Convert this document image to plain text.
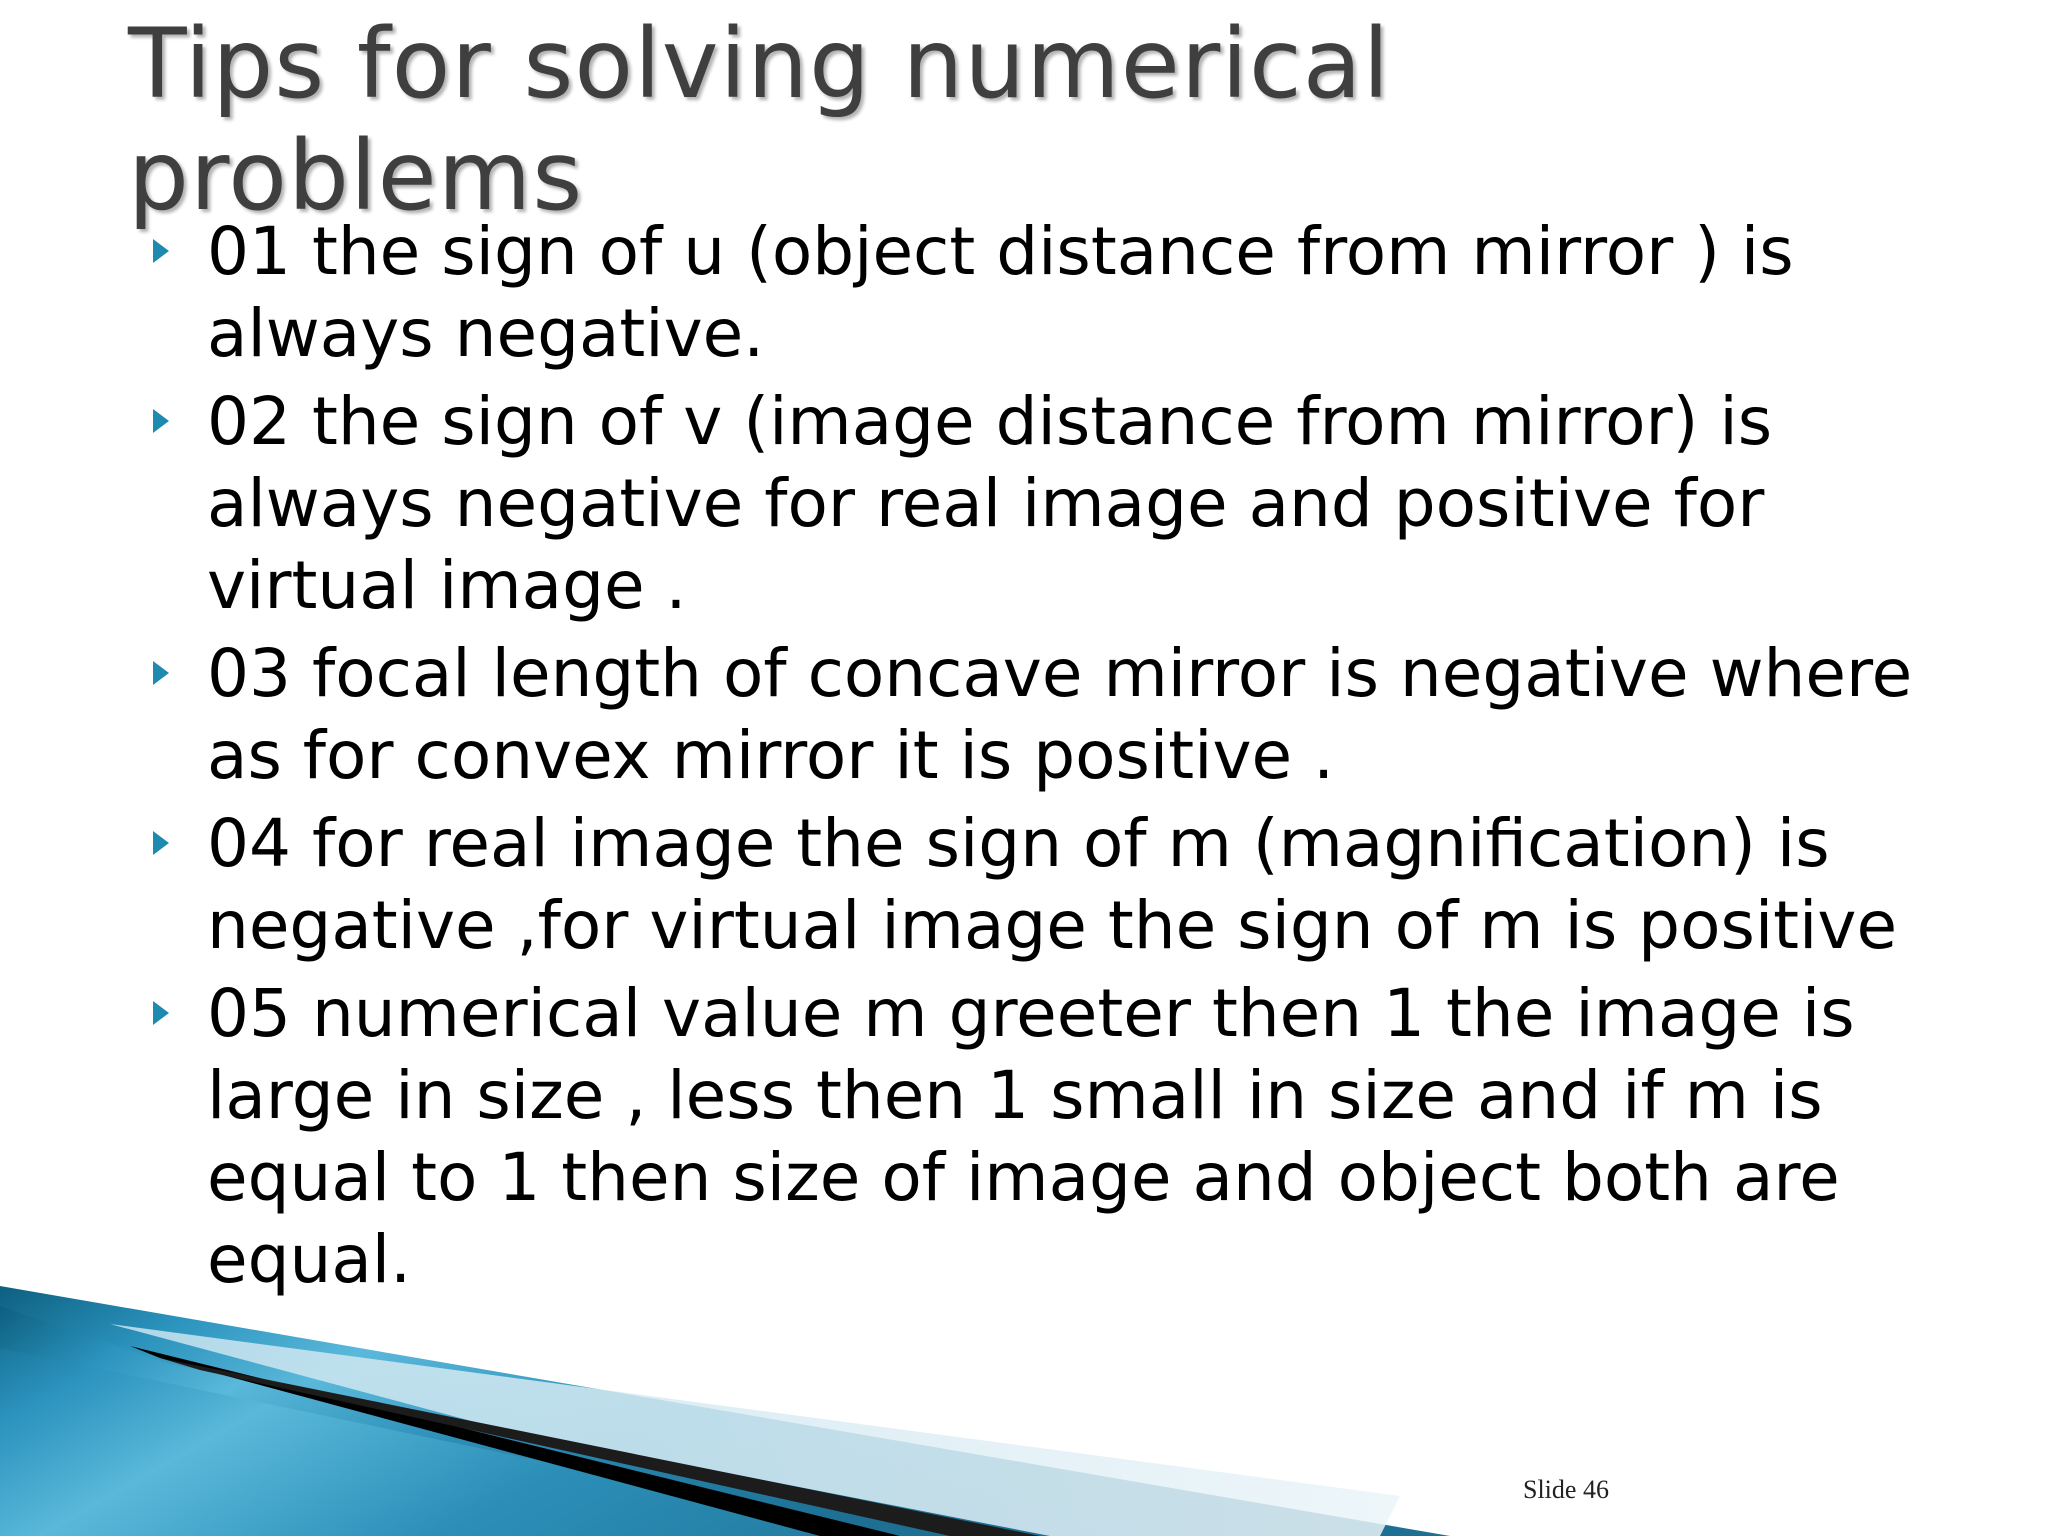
Tips for solving numerical problems
01 the sign of u (object distance from mirror ) is always negative.
02 the sign of v (image distance from mirror) is always negative for real image and positive for virtual image .
03 focal length of concave mirror is negative where as for convex mirror it is positive .
04 for real image the sign of m (magnification) is negative ,for virtual image the sign of m is positive
05 numerical value m greeter then 1 the image is large in size , less then 1 small in size and if m is equal to 1 then size of image and object both are equal.
Slide 46
